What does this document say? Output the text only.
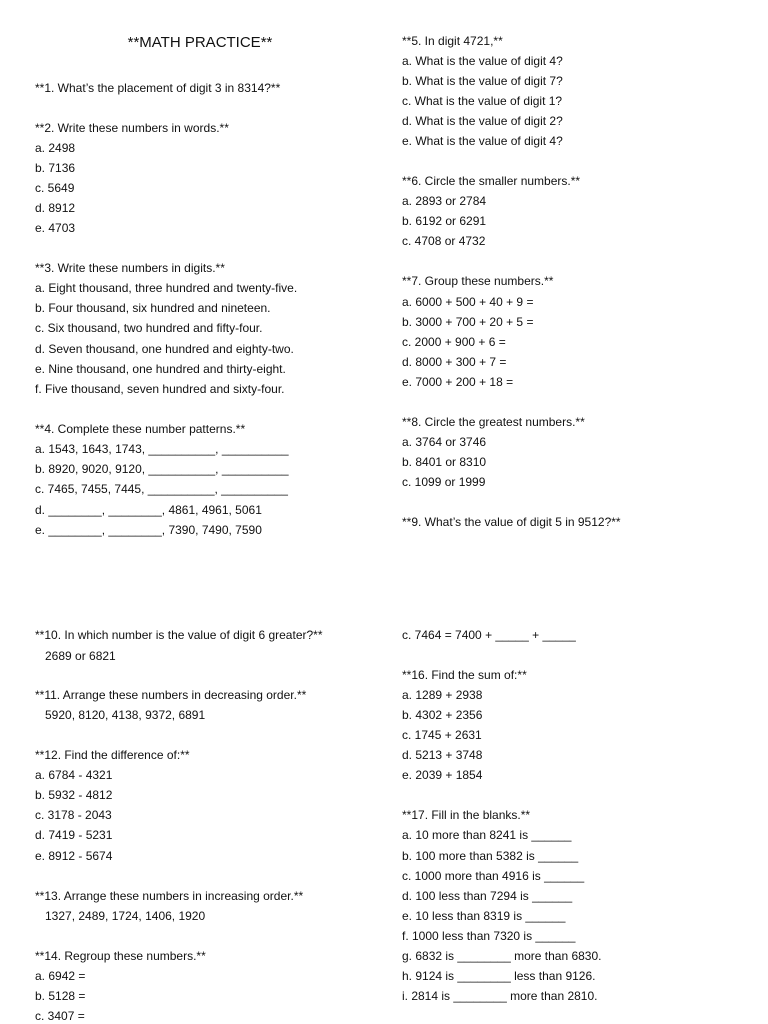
**MATH PRACTICE**
**1. What’s the placement of digit 3 in 8314?**
**2. Write these numbers in words.**
a. 2498
b. 7136
c. 5649
d. 8912
e. 4703
**3. Write these numbers in digits.**
a. Eight thousand, three hundred and twenty-five.
b. Four thousand, six hundred and nineteen.
c. Six thousand, two hundred and fifty-four.
d. Seven thousand, one hundred and eighty-two.
e. Nine thousand, one hundred and thirty-eight.
f. Five thousand, seven hundred and sixty-four.
**4. Complete these number patterns.**
a. 1543, 1643, 1743, __________, __________
b. 8920, 9020, 9120, __________, __________
c. 7465, 7455, 7445, __________, __________
d. ________, ________, 4861, 4961, 5061
e. ________, ________, 7390, 7490, 7590
**5. In digit 4721,**
a. What is the value of digit 4?
b. What is the value of digit 7?
c. What is the value of digit 1?
d. What is the value of digit 2?
e. What is the value of digit 4?
**6. Circle the smaller numbers.**
a. 2893 or 2784
b. 6192 or 6291
c. 4708 or 4732
**7. Group these numbers.**
a. 6000 + 500 + 40 + 9 =
b. 3000 + 700 + 20 + 5 =
c. 2000 + 900 + 6 =
d. 8000 + 300 + 7 =
e. 7000 + 200 + 18 =
**8. Circle the greatest numbers.**
a. 3764 or 3746
b. 8401 or 8310
c. 1099 or 1999
**9. What’s the value of digit 5 in 9512?**
**10. In which number is the value of digit 6 greater?**
2689 or 6821
**11. Arrange these numbers in decreasing order.**
5920, 8120, 4138, 9372, 6891
**12. Find the difference of:**
a. 6784 - 4321
b. 5932 - 4812
c. 3178 - 2043
d. 7419 - 5231
e. 8912 - 5674
**13. Arrange these numbers in increasing order.**
1327, 2489, 1724, 1406, 1920
**14. Regroup these numbers.**
a. 6942 =
b. 5128 =
c. 3407 =
c. 7464 = 7400 + _____ + _____
**16. Find the sum of:**
a. 1289 + 2938
b. 4302 + 2356
c. 1745 + 2631
d. 5213 + 3748
e. 2039 + 1854
**17. Fill in the blanks.**
a. 10 more than 8241 is ______
b. 100 more than 5382 is ______
c. 1000 more than 4916 is ______
d. 100 less than 7294 is ______
e. 10 less than 8319 is ______
f. 1000 less than 7320 is ______
g. 6832 is ________ more than 6830.
h. 9124 is ________ less than 9126.
i. 2814 is ________ more than 2810.
